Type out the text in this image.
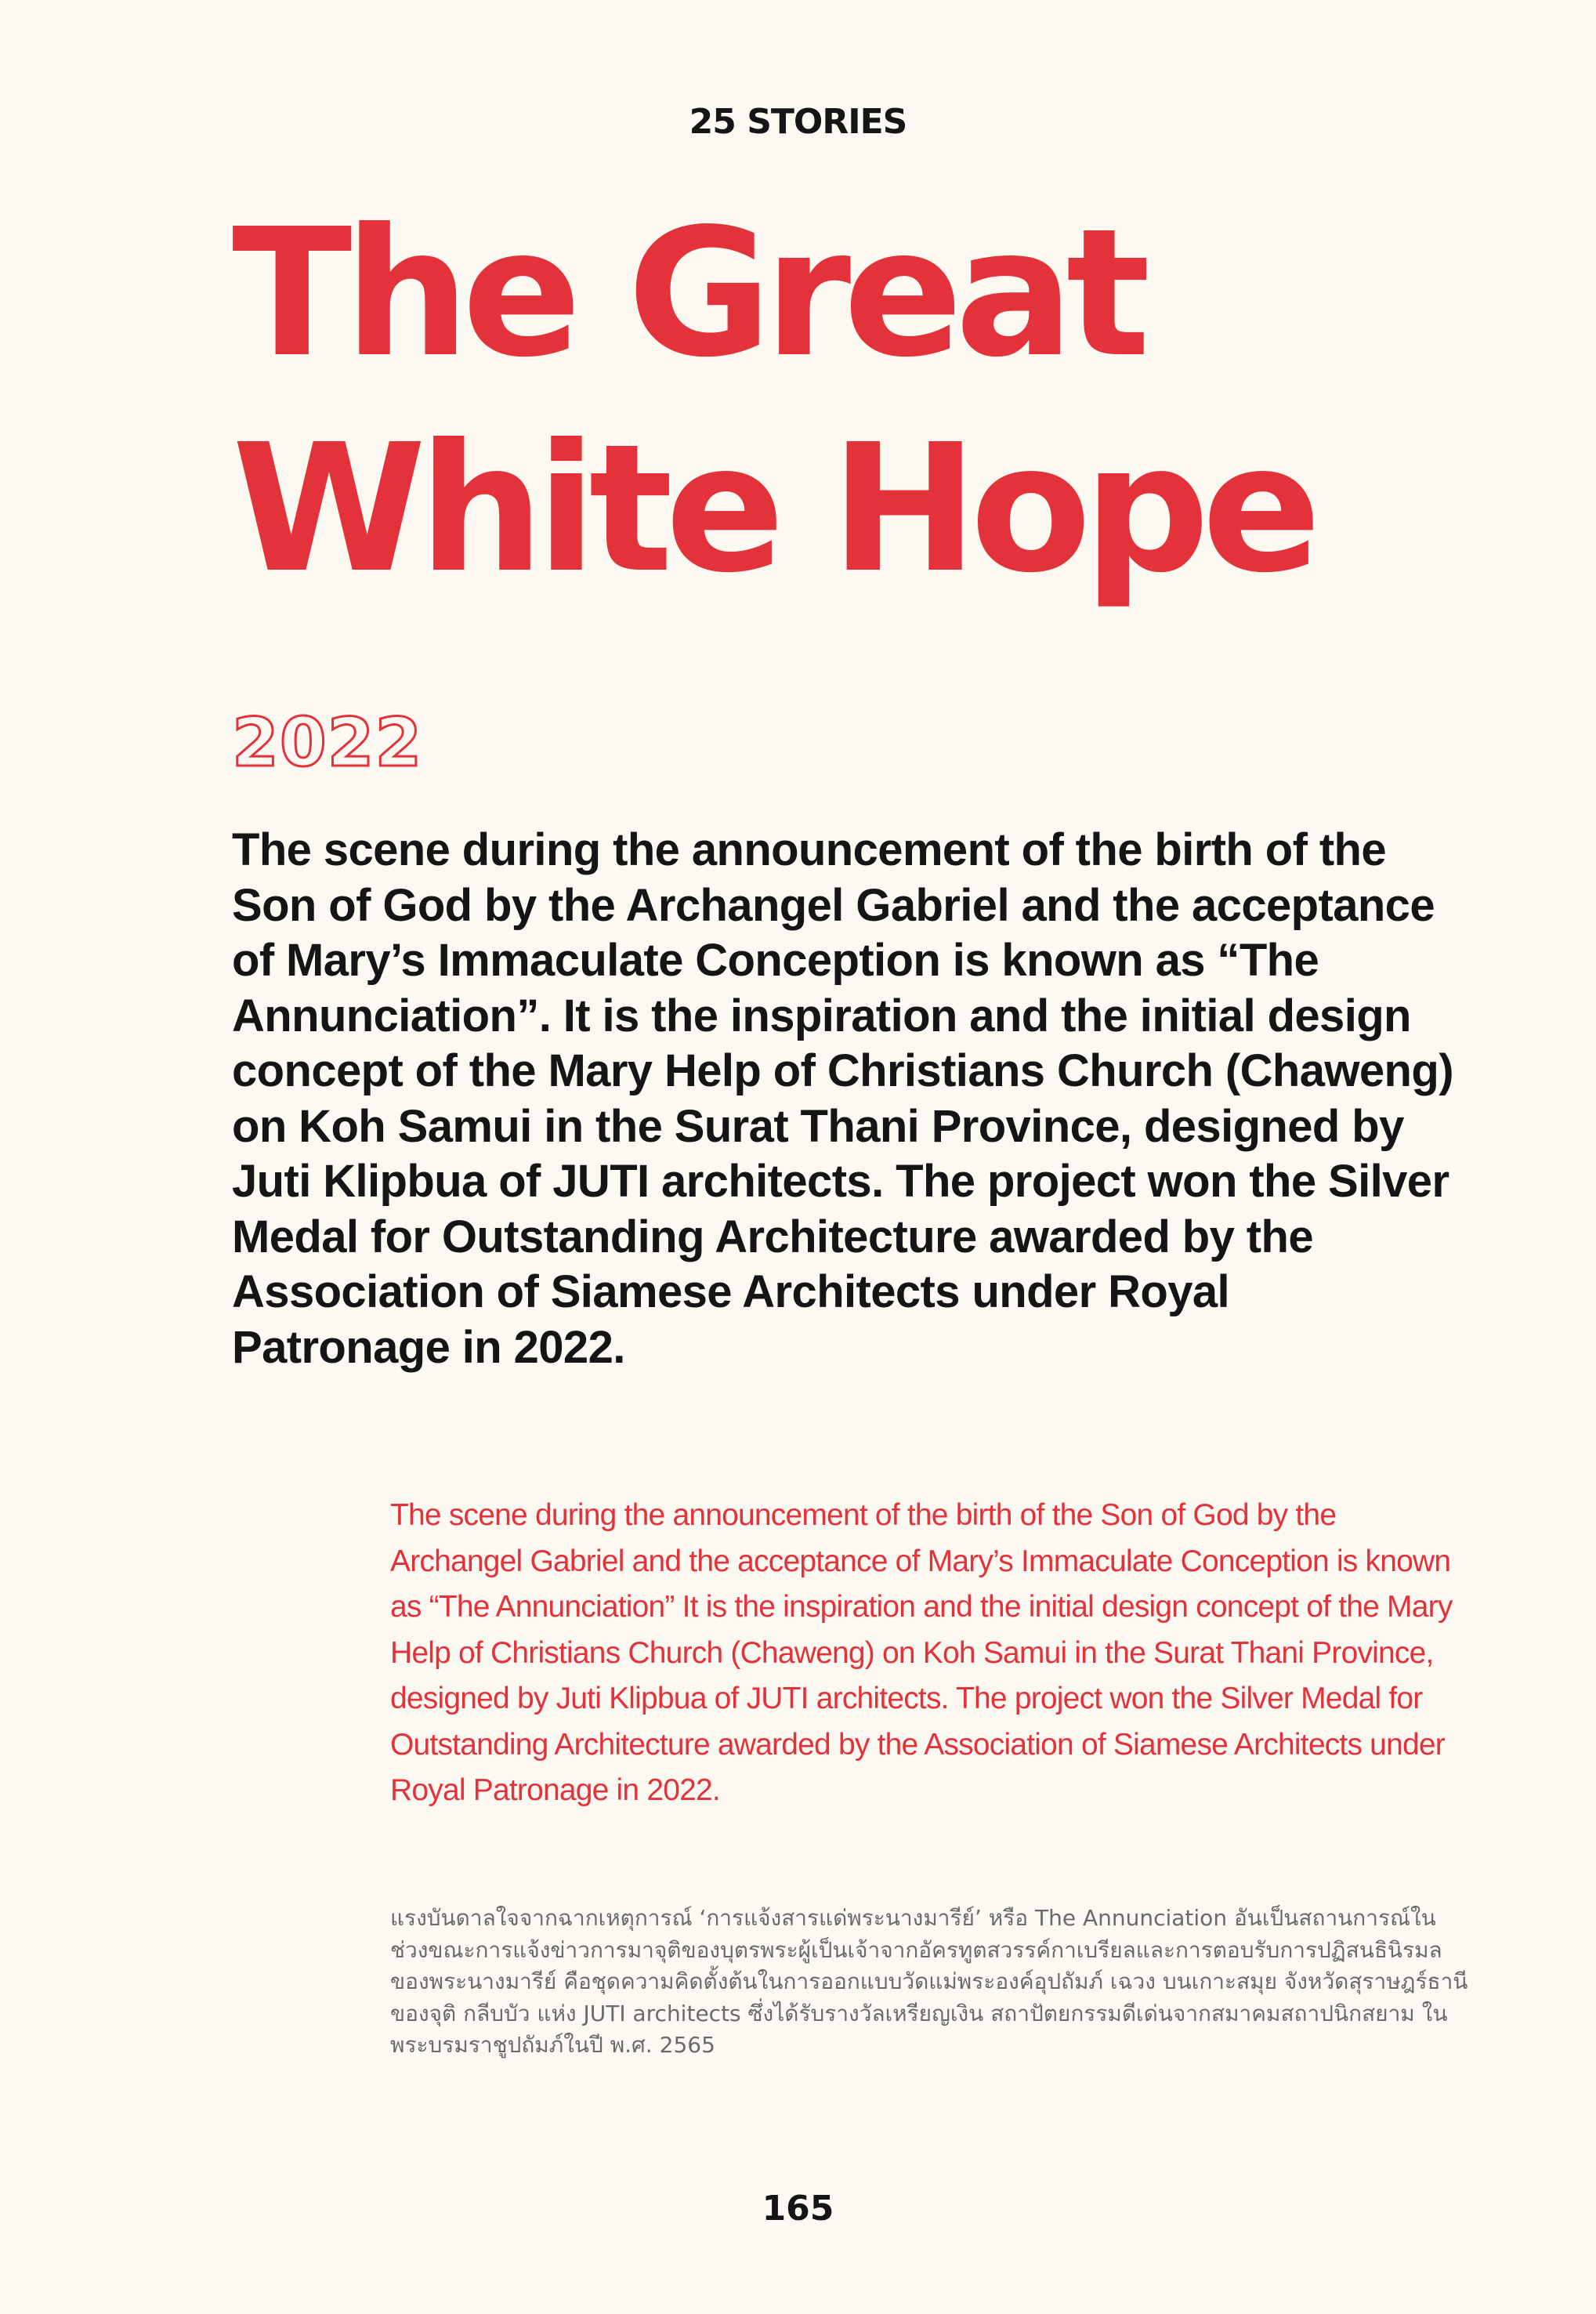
25 STORIES
The Great White Hope
2022

The scene during the announcement of the birth of the Son of God by the Archangel Gabriel and the acceptance of Mary’s Immaculate Conception is known as “The Annunciation”. It is the inspiration and the initial design concept of the Mary Help of Christians Church (Chaweng) on Koh Samui in the Surat Thani Province, designed by Juti Klipbua of JUTI architects. The project won the Silver Medal for Outstanding Architecture awarded by the Association of Siamese Architects under Royal Patronage in 2022.

The scene during the announcement of the birth of the Son of God by the Archangel Gabriel and the acceptance of Mary’s Immaculate Conception is known as “The Annunciation” It is the inspiration and the initial design concept of the Mary Help of Christians Church (Chaweng) on Koh Samui in the Surat Thani Province, designed by Juti Klipbua of JUTI architects. The project won the Silver Medal for Outstanding Architecture awarded by the Association of Siamese Architects under Royal Patronage in 2022.

แรงบันดาลใจจากฉากเหตุการณ์ ‘การแจ้งสารแด่พระนางมารีย์’ หรือ The Annunciation อันเป็นสถานการณ์ในช่วงขณะการแจ้งข่าวการมาจุติของบุตรพระผู้เป็นเจ้าจากอัครทูตสวรรค์กาเบรียลและการตอบรับการปฏิสนธินิรมลของพระนางมารีย์ คือชุดความคิดตั้งต้นในการออกแบบวัดแม่พระองค์อุปถัมภ์ เฉวง บนเกาะสมุย จังหวัดสุราษฎร์ธานี ของจุติ กลีบบัว แห่ง JUTI architects ซึ่งได้รับรางวัลเหรียญเงิน สถาปัตยกรรมดีเด่นจากสมาคมสถาปนิกสยาม ในพระบรมราชูปถัมภ์ในปี พ.ศ. 2565

165
